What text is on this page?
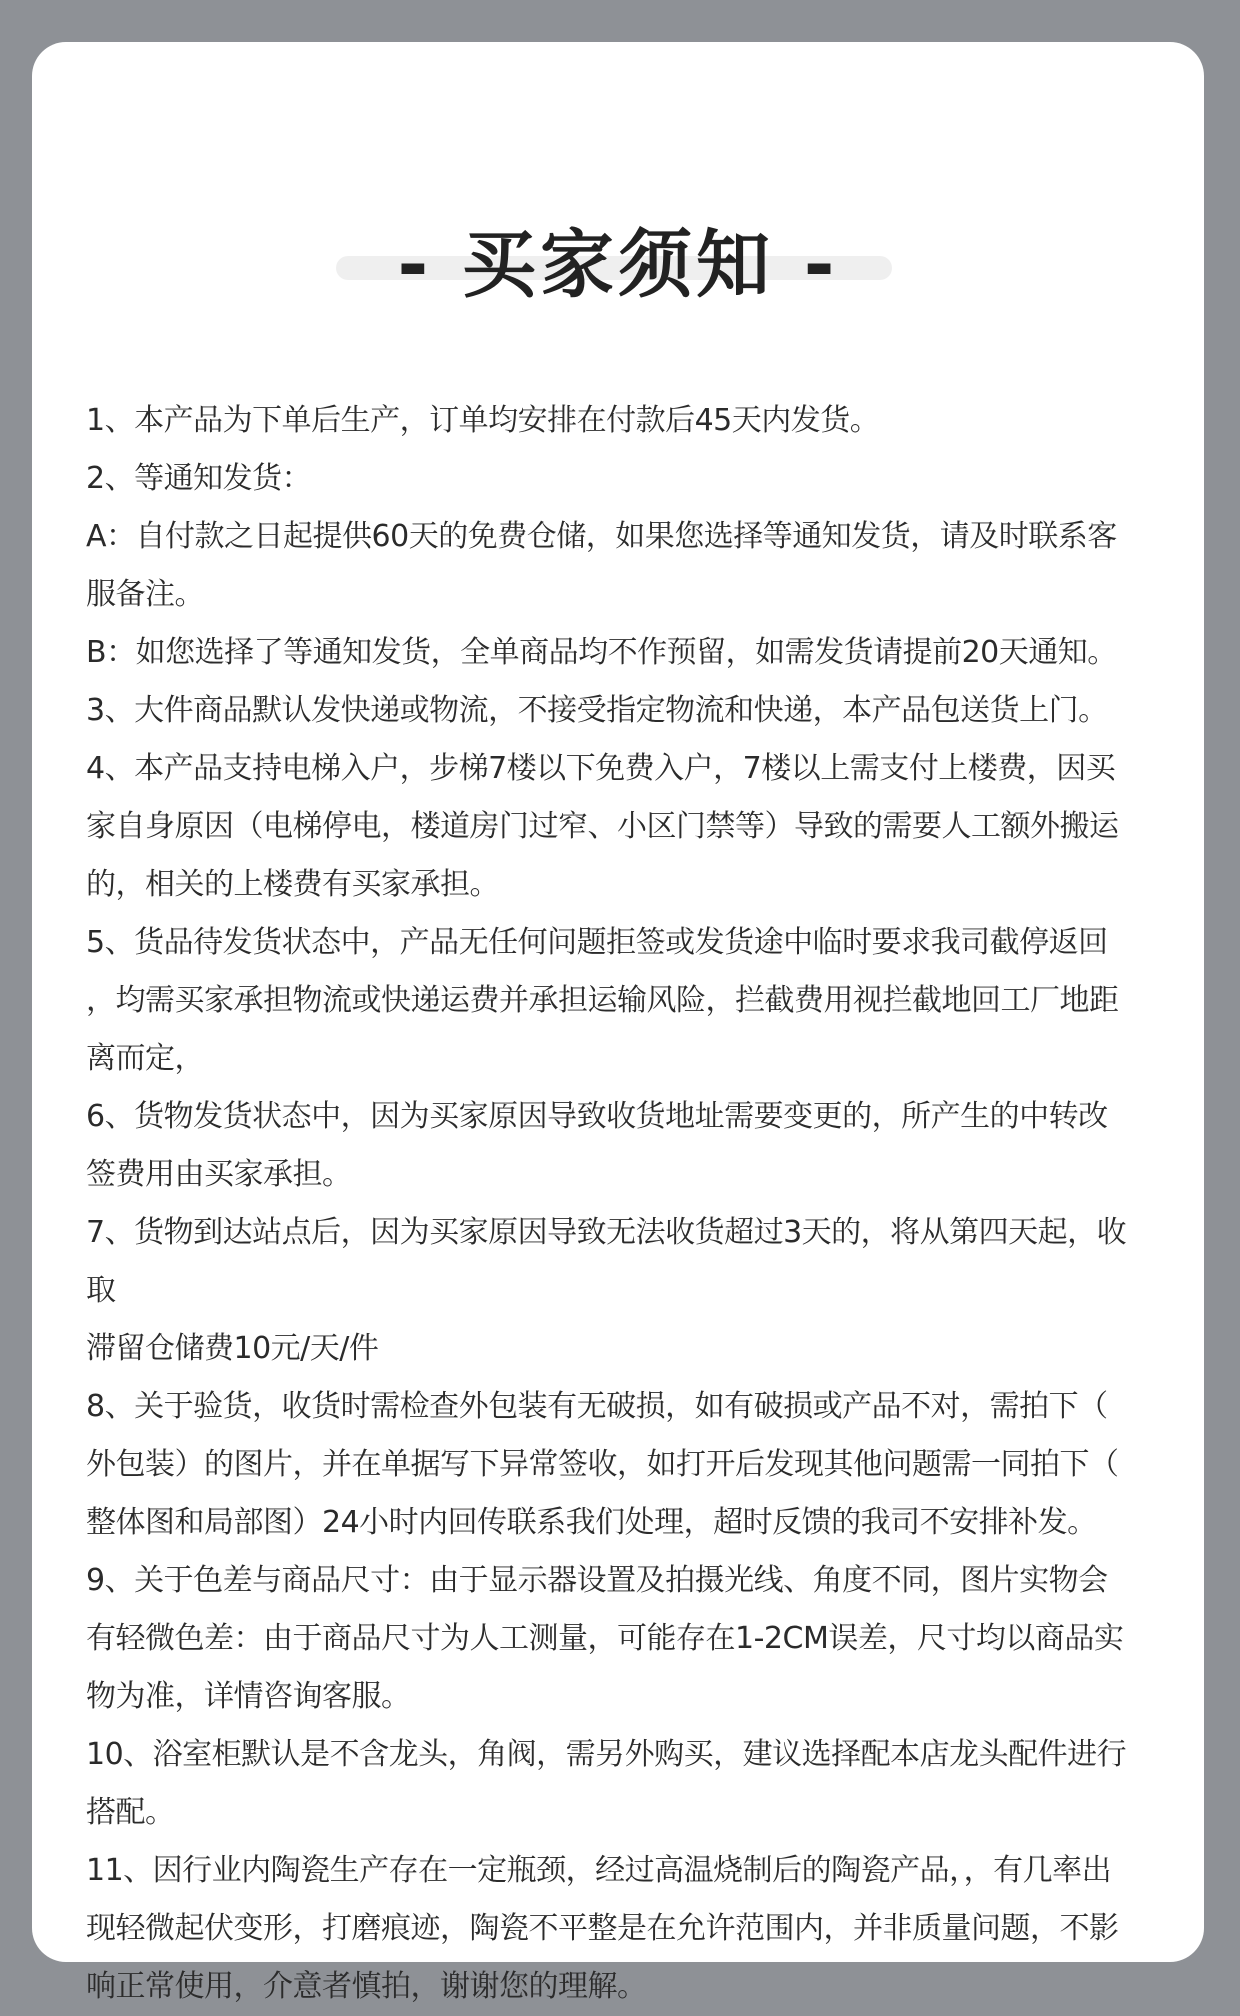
- 买家须知 -
1、本产品为下单后生产，订单均安排在付款后45天内发货。
2、等通知发货：
A：自付款之日起提供60天的免费仓储，如果您选择等通知发货，请及时联系客
服备注。
B：如您选择了等通知发货，全单商品均不作预留，如需发货请提前20天通知。
3、大件商品默认发快递或物流，不接受指定物流和快递，本产品包送货上门。
4、本产品支持电梯入户，步梯7楼以下免费入户，7楼以上需支付上楼费，因买
家自身原因（电梯停电，楼道房门过窄、小区门禁等）导致的需要人工额外搬运
的，相关的上楼费有买家承担。
5、货品待发货状态中，产品无任何问题拒签或发货途中临时要求我司截停返回
，均需买家承担物流或快递运费并承担运输风险，拦截费用视拦截地回工厂地距
离而定，
6、货物发货状态中，因为买家原因导致收货地址需要变更的，所产生的中转改
签费用由买家承担。
7、货物到达站点后，因为买家原因导致无法收货超过3天的，将从第四天起，收
取
滞留仓储费10元/天/件
8、关于验货，收货时需检查外包装有无破损，如有破损或产品不对，需拍下（
外包装）的图片，并在单据写下异常签收，如打开后发现其他问题需一同拍下（
整体图和局部图）24小时内回传联系我们处理，超时反馈的我司不安排补发。
9、关于色差与商品尺寸：由于显示器设置及拍摄光线、角度不同，图片实物会
有轻微色差：由于商品尺寸为人工测量，可能存在1-2CM误差，尺寸均以商品实
物为准，详情咨询客服。
10、浴室柜默认是不含龙头，角阀，需另外购买，建议选择配本店龙头配件进行
搭配。
11、因行业内陶瓷生产存在一定瓶颈，经过高温烧制后的陶瓷产品，，有几率出
现轻微起伏变形，打磨痕迹，陶瓷不平整是在允许范围内，并非质量问题，不影
响正常使用，介意者慎拍，谢谢您的理解。
